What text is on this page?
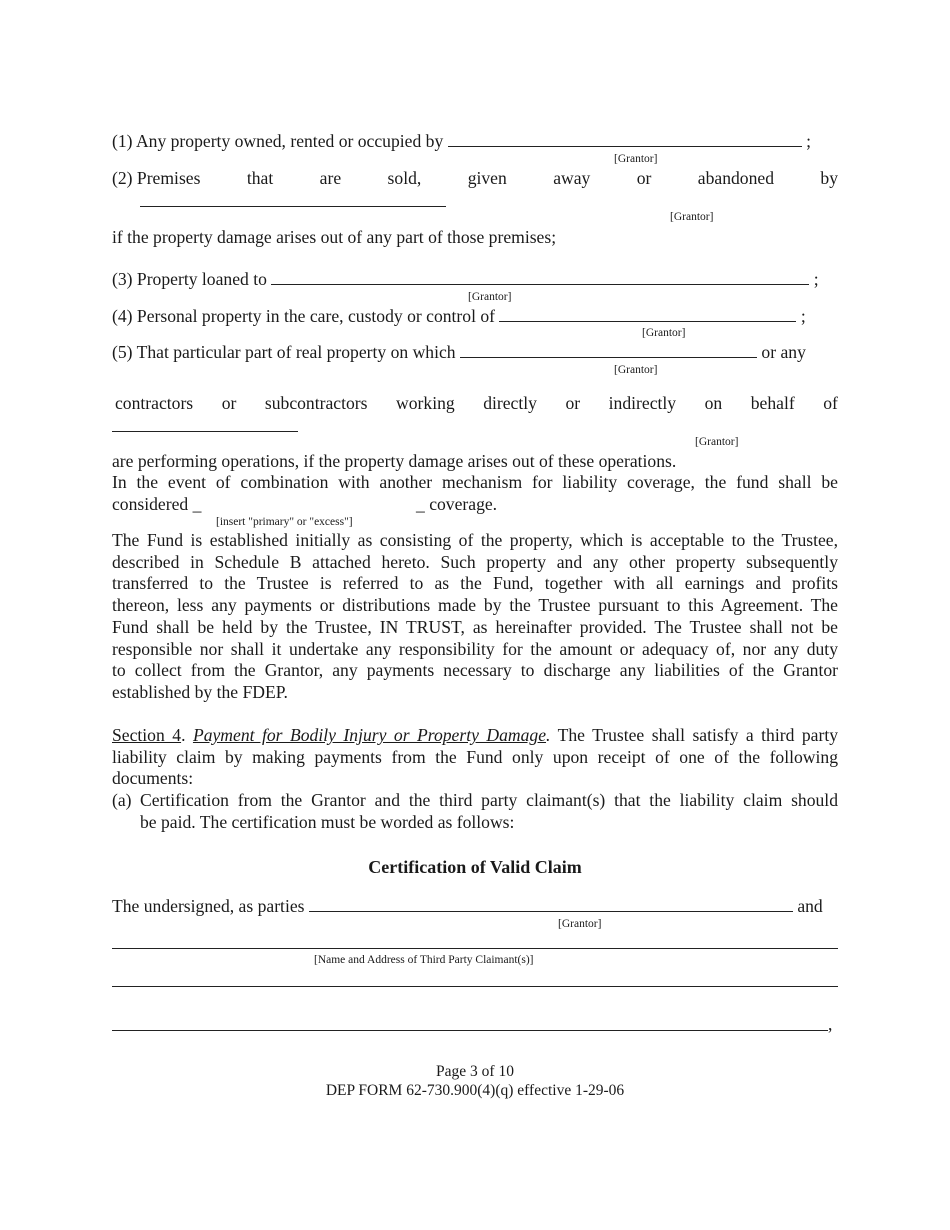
(1) Any property owned, rented or occupied by	;
[Grantor]
(2) Premises	that	are	sold,	given	away	or	abandoned	by
[Grantor]
if the property damage arises out of any part of those premises;
(3) Property loaned to	;
[Grantor]
(4) Personal property in the care, custody or control of	;
[Grantor]
(5) That particular part of real property on which	or any
[Grantor]
contractors or subcontractors working directly or indirectly on behalf of
[Grantor]
are performing operations, if the property damage arises out of these operations.
In the event of combination with another mechanism for liability coverage, the fund shall be
considered _	_ coverage.
[insert "primary" or "excess"]
The Fund is established initially as consisting of the property, which is acceptable to the Trustee,
described in Schedule B attached hereto. Such property and any other property subsequently
transferred to the Trustee is referred to as the Fund, together with all earnings and profits
thereon, less any payments or distributions made by the Trustee pursuant to this Agreement. The
Fund shall be held by the Trustee, IN TRUST, as hereinafter provided. The Trustee shall not be
responsible nor shall it undertake any responsibility for the amount or adequacy of, nor any duty
to collect from the Grantor, any payments necessary to discharge any liabilities of the Grantor
established by the FDEP.
Section 4. Payment for Bodily Injury or Property Damage. The Trustee shall satisfy a third party
liability claim by making payments from the Fund only upon receipt of one of the following
documents:
(a) Certification from the Grantor and the third party claimant(s) that the liability claim should
be paid. The certification must be worded as follows:
Certification of Valid Claim
The undersigned, as parties	and
[Grantor]
[Name and Address of Third Party Claimant(s)]
,
Page 3 of 10
DEP FORM 62-730.900(4)(q) effective 1-29-06
